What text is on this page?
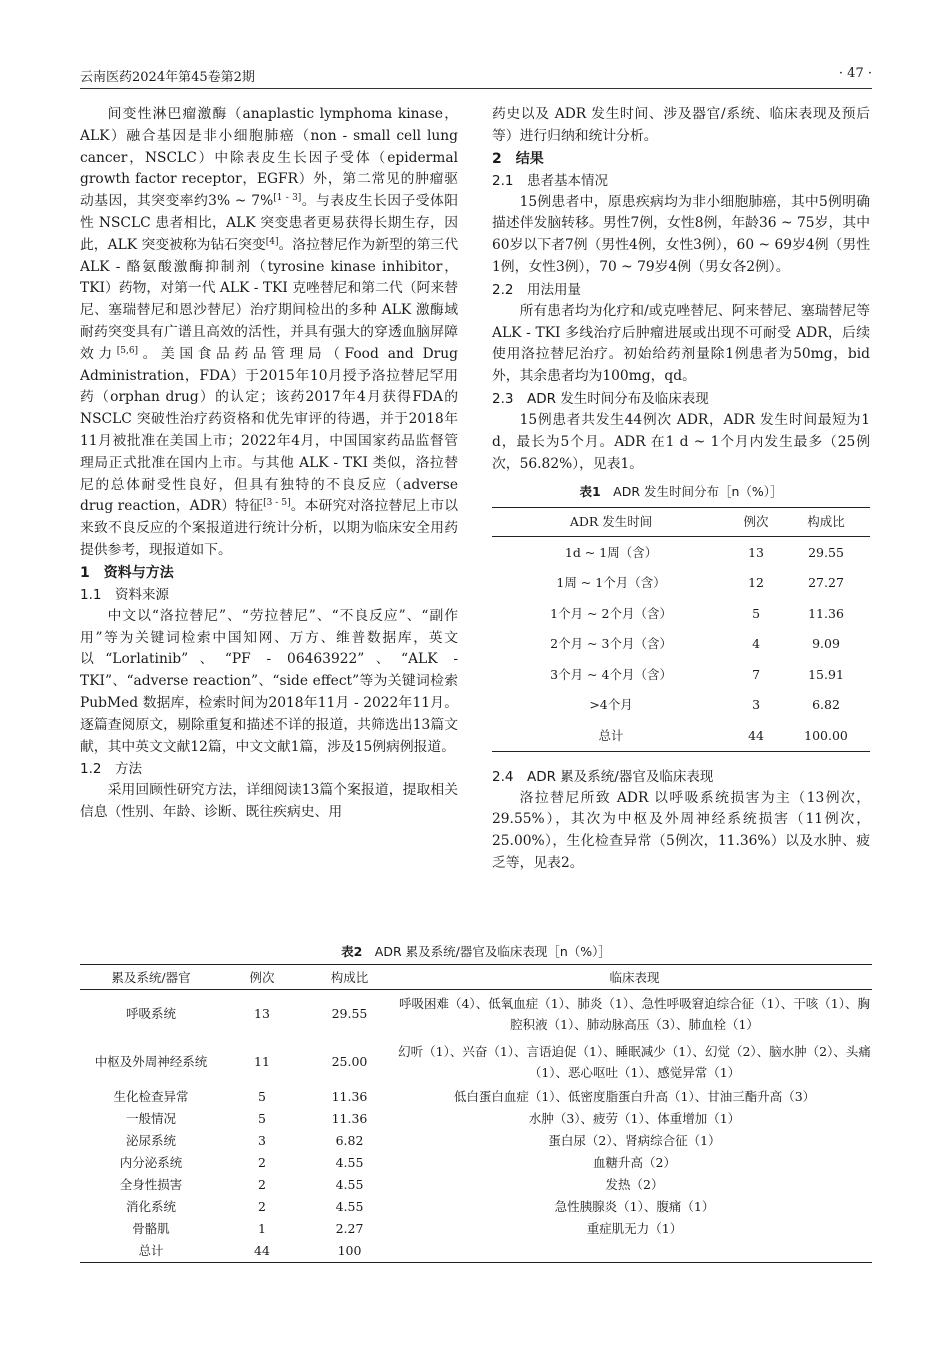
云南医药2024年第45卷第2期	· 47 ·

间变性淋巴瘤激酶（anaplastic lymphoma kinase，ALK）融合基因是非小细胞肺癌（non - small cell lung cancer，NSCLC）中除表皮生长因子受体（epidermal growth factor receptor，EGFR）外，第二常见的肿瘤驱动基因，其突变率约3% ~ 7%[1 - 3]。与表皮生长因子受体阳性 NSCLC 患者相比，ALK 突变患者更易获得长期生存，因此，ALK 突变被称为钻石突变[4]。洛拉替尼作为新型的第三代 ALK - 酪氨酸激酶抑制剂（tyrosine kinase inhibitor，TKI）药物，对第一代 ALK - TKI 克唑替尼和第二代（阿来替尼、塞瑞替尼和恩沙替尼）治疗期间检出的多种 ALK 激酶域耐药突变具有广谱且高效的活性，并具有强大的穿透血脑屏障效力[5,6]。美国食品药品管理局（Food and Drug Administration，FDA）于2015年10月授予洛拉替尼罕用药（orphan drug）的认定；该药2017年4月获得FDA的 NSCLC 突破性治疗药资格和优先审评的待遇，并于2018年11月被批准在美国上市；2022年4月，中国国家药品监督管理局正式批准在国内上市。与其他 ALK - TKI 类似，洛拉替尼的总体耐受性良好，但具有独特的不良反应（adverse drug reaction，ADR）特征[3 - 5]。本研究对洛拉替尼上市以来致不良反应的个案报道进行统计分析，以期为临床安全用药提供参考，现报道如下。

1　资料与方法
1.1　资料来源

中文以“洛拉替尼”、“劳拉替尼”、“不良反应”、“副作用”等为关键词检索中国知网、万方、维普数据库，英文以“Lorlatinib”、“PF - 06463922”、“ALK - TKI”、“adverse reaction”、“side effect”等为关键词检索 PubMed 数据库，检索时间为2018年11月 - 2022年11月。逐篇查阅原文，剔除重复和描述不详的报道，共筛选出13篇文献，其中英文文献12篇，中文文献1篇，涉及15例病例报道。

1.2　方法

采用回顾性研究方法，详细阅读13篇个案报道，提取相关信息（性别、年龄、诊断、既往疾病史、用

药史以及 ADR 发生时间、涉及器官/系统、临床表现及预后等）进行归纳和统计分析。

2　结果
2.1　患者基本情况

15例患者中，原患疾病均为非小细胞肺癌，其中5例明确描述伴发脑转移。男性7例，女性8例，年龄36 ~ 75岁，其中60岁以下者7例（男性4例，女性3例），60 ~ 69岁4例（男性1例，女性3例），70 ~ 79岁4例（男女各2例）。

2.2　用法用量

所有患者均为化疗和/或克唑替尼、阿来替尼、塞瑞替尼等 ALK - TKI 多线治疗后肿瘤进展或出现不可耐受 ADR，后续使用洛拉替尼治疗。初始给药剂量除1例患者为50mg，bid外，其余患者均为100mg，qd。

2.3　ADR 发生时间分布及临床表现

15例患者共发生44例次 ADR，ADR 发生时间最短为1 d，最长为5个月。ADR 在1 d ~ 1个月内发生最多（25例次，56.82%），见表1。

表1　 ADR 发生时间分布［n（%）］
ADR 发生时间	例次	构成比
1d ~ 1周（含）	13	29.55
1周 ~ 1个月（含）	12	27.27
1个月 ~ 2个月（含）	5	11.36
2个月 ~ 3个月（含）	4	9.09
3个月 ~ 4个月（含）	7	15.91
>4个月	3	6.82
总计	44	100.00
2.4　ADR 累及系统/器官及临床表现

洛拉替尼所致 ADR 以呼吸系统损害为主（13例次，29.55%），其次为中枢及外周神经系统损害（11例次，25.00%），生化检查异常（5例次，11.36%）以及水肿、疲乏等，见表2。

表2　 ADR 累及系统/器官及临床表现［n（%）］
累及系统/器官	例次	构成比	临床表现
呼吸系统	13	29.55	呼吸困难（4）、低氧血症（1）、肺炎（1）、急性呼吸窘迫综合征（1）、干咳（1）、胸腔积液（1）、肺动脉高压（3）、肺血栓（1）
中枢及外周神经系统	11	25.00	幻听（1）、兴奋（1）、言语迫促（1）、睡眠减少（1）、幻觉（2）、脑水肿（2）、头痛（1）、恶心呕吐（1）、感觉异常（1）
生化检查异常	5	11.36	低白蛋白血症（1）、低密度脂蛋白升高（1）、甘油三酯升高（3）
一般情况	5	11.36	水肿（3）、疲劳（1）、体重增加（1）
泌尿系统	3	6.82	蛋白尿（2）、肾病综合征（1）
内分泌系统	2	4.55	血糖升高（2）
全身性损害	2	4.55	发热（2）
消化系统	2	4.55	急性胰腺炎（1）、腹痛（1）
骨骼肌	1	2.27	重症肌无力（1）
总计	44	100	
